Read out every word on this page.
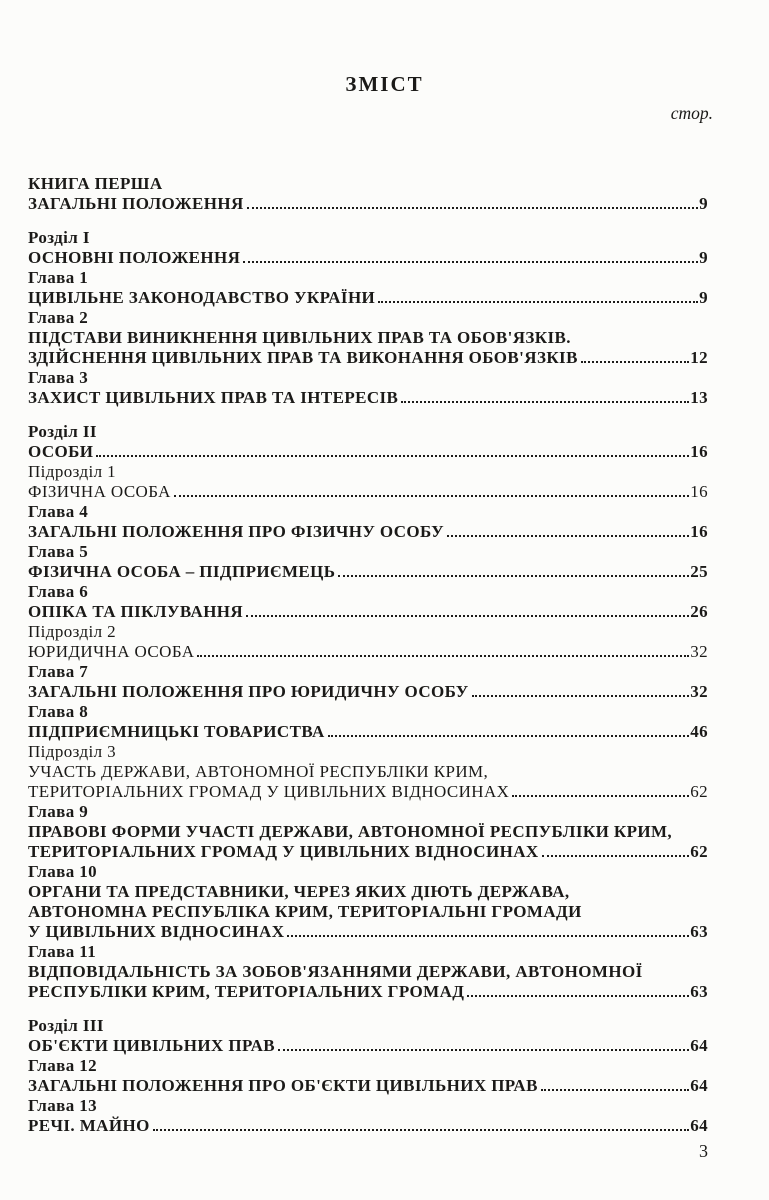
ЗМІСТ
стор.
КНИГА ПЕРША
ЗАГАЛЬНІ ПОЛОЖЕННЯ	9
Розділ I
ОСНОВНІ ПОЛОЖЕННЯ	9
Глава 1
ЦИВІЛЬНЕ ЗАКОНОДАВСТВО УКРАЇНИ	9
Глава 2
ПІДСТАВИ ВИНИКНЕННЯ ЦИВІЛЬНИХ ПРАВ ТА ОБОВ'ЯЗКІВ.
ЗДІЙСНЕННЯ ЦИВІЛЬНИХ ПРАВ ТА ВИКОНАННЯ ОБОВ'ЯЗКІВ	12
Глава 3
ЗАХИСТ ЦИВІЛЬНИХ ПРАВ ТА ІНТЕРЕСІВ	13
Розділ II
ОСОБИ	16
Підрозділ 1
ФІЗИЧНА ОСОБА	16
Глава 4
ЗАГАЛЬНІ ПОЛОЖЕННЯ ПРО ФІЗИЧНУ ОСОБУ	16
Глава 5
ФІЗИЧНА ОСОБА – ПІДПРИЄМЕЦЬ	25
Глава 6
ОПІКА ТА ПІКЛУВАННЯ	26
Підрозділ 2
ЮРИДИЧНА ОСОБА	32
Глава 7
ЗАГАЛЬНІ ПОЛОЖЕННЯ ПРО ЮРИДИЧНУ ОСОБУ	32
Глава 8
ПІДПРИЄМНИЦЬКІ ТОВАРИСТВА	46
Підрозділ 3
УЧАСТЬ ДЕРЖАВИ, АВТОНОМНОЇ РЕСПУБЛІКИ КРИМ,
ТЕРИТОРІАЛЬНИХ ГРОМАД У ЦИВІЛЬНИХ ВІДНОСИНАХ	62
Глава 9
ПРАВОВІ ФОРМИ УЧАСТІ ДЕРЖАВИ, АВТОНОМНОЇ РЕСПУБЛІКИ КРИМ,
ТЕРИТОРІАЛЬНИХ ГРОМАД У ЦИВІЛЬНИХ ВІДНОСИНАХ	62
Глава 10
ОРГАНИ ТА ПРЕДСТАВНИКИ, ЧЕРЕЗ ЯКИХ ДІЮТЬ ДЕРЖАВА,
АВТОНОМНА РЕСПУБЛІКА КРИМ, ТЕРИТОРІАЛЬНІ ГРОМАДИ
У ЦИВІЛЬНИХ ВІДНОСИНАХ	63
Глава 11
ВІДПОВІДАЛЬНІСТЬ ЗА ЗОБОВ'ЯЗАННЯМИ ДЕРЖАВИ, АВТОНОМНОЇ
РЕСПУБЛІКИ КРИМ, ТЕРИТОРІАЛЬНИХ ГРОМАД	63
Розділ III
ОБ'ЄКТИ ЦИВІЛЬНИХ ПРАВ	64
Глава 12
ЗАГАЛЬНІ ПОЛОЖЕННЯ ПРО ОБ'ЄКТИ ЦИВІЛЬНИХ ПРАВ	64
Глава 13
РЕЧІ. МАЙНО	64
3
